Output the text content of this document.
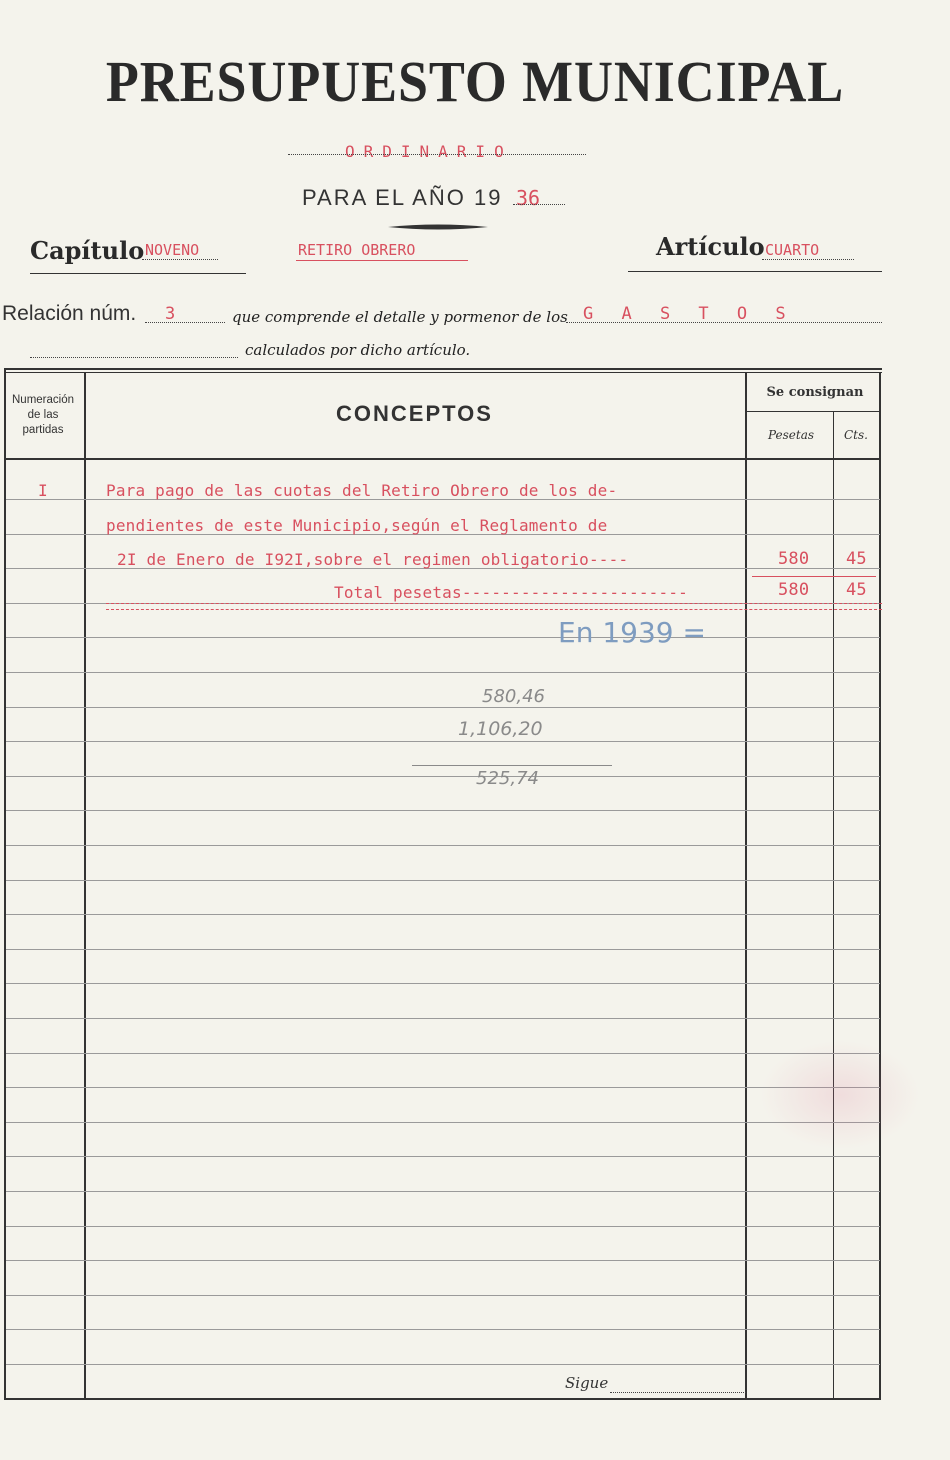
PRESUPUESTO MUNICIPAL
ORDINARIO
PARA EL AÑO 19 36
Capítulo NOVENO	RETIRO OBRERO	Artículo CUARTO
Relación núm. 3	que comprende el detalle y pormenor de los G A S T O S
calculados por dicho artículo.
Numeración de las partidas
CONCEPTOS
Se consignan
Pesetas	Cts.
I	Para pago de las cuotas del Retiro Obrero de los de-
pendientes de este Municipio,según el Reglamento de
2I de Enero de I92I,sobre el regimen obligatorio----	580 45
Total pesetas-----------------------	580 45
En 1939 =
580,46
1,106,20
525,74
Sigue
